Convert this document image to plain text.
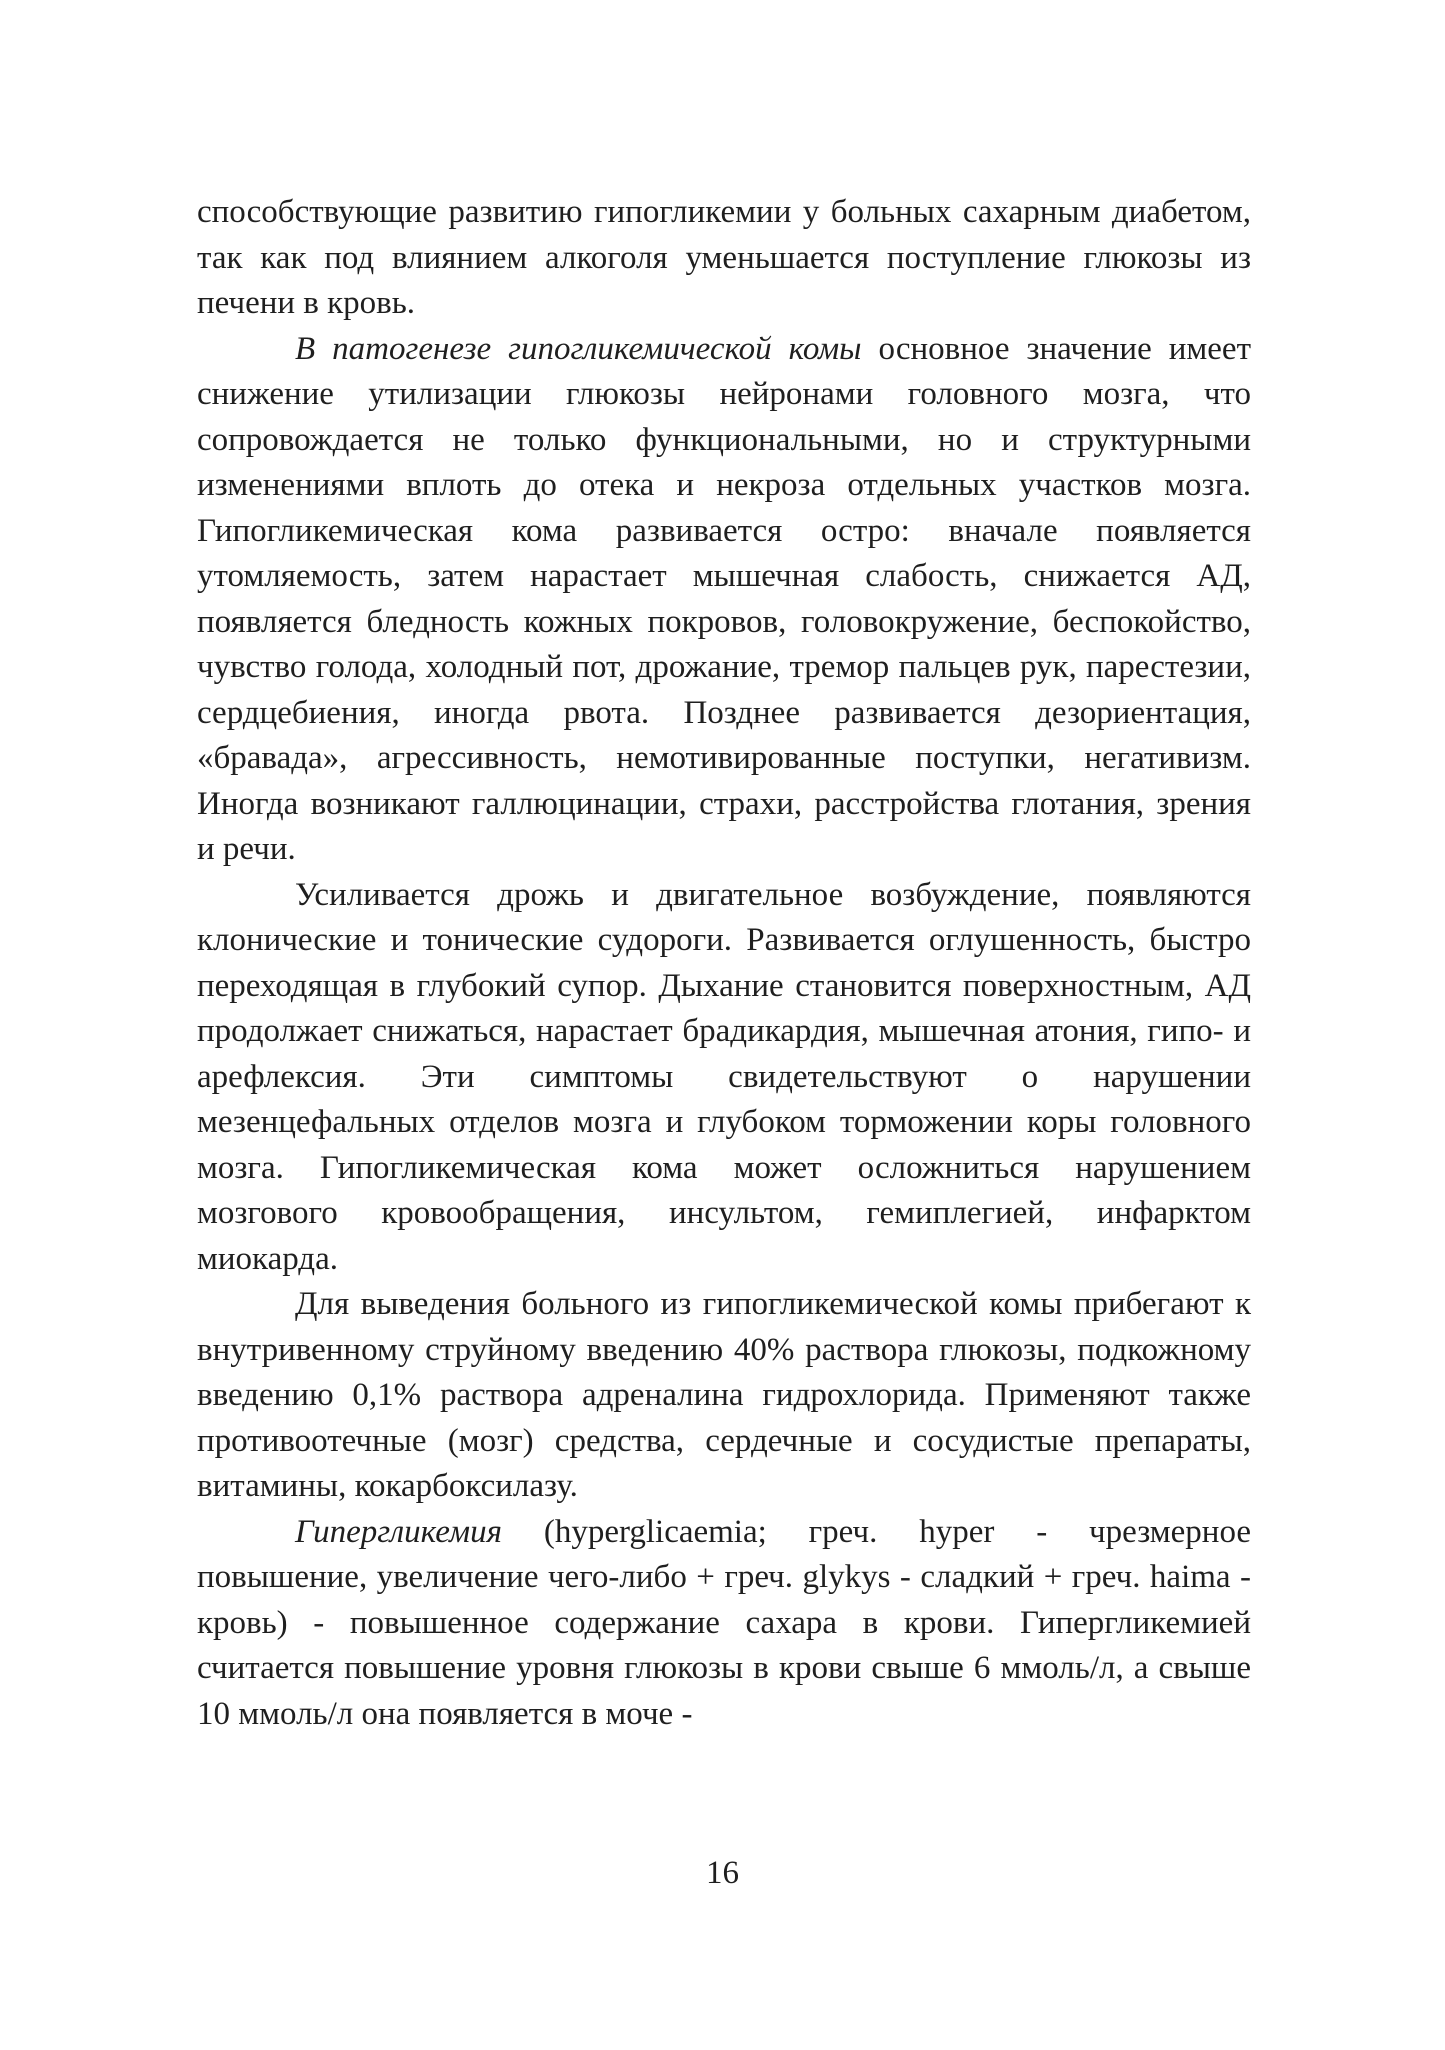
способствующие развитию гипогликемии у больных сахарным диабетом, так как под влиянием алкоголя уменьшается поступление глюкозы из печени в кровь.

В патогенезе гипогликемической комы основное значение имеет снижение утилизации глюкозы нейронами головного мозга, что сопровождается не только функциональными, но и структурными изменениями вплоть до отека и некроза отдельных участков мозга. Гипогликемическая кома развивается остро: вначале появляется утомляемость, затем нарастает мышечная слабость, снижается АД, появляется бледность кожных покровов, головокружение, беспокойство, чувство голода, холодный пот, дрожание, тремор пальцев рук, парестезии, сердцебиения, иногда рвота. Позднее развивается дезориентация, «бравада», агрессивность, немотивированные поступки, негативизм. Иногда возникают галлюцинации, страхи, расстройства глотания, зрения и речи.

Усиливается дрожь и двигательное возбуждение, появляются клонические и тонические судороги. Развивается оглушенность, быстро переходящая в глубокий супор. Дыхание становится поверхностным, АД продолжает снижаться, нарастает брадикардия, мышечная атония, гипо- и арефлексия. Эти симптомы свидетельствуют о нарушении мезенцефальных отделов мозга и глубоком торможении коры головного мозга. Гипогликемическая кома может осложниться нарушением мозгового кровообращения, инсультом, гемиплегией, инфарктом миокарда.

Для выведения больного из гипогликемической комы прибегают к внутривенному струйному введению 40% раствора глюкозы, подкожному введению 0,1% раствора адреналина гидрохлорида. Применяют также противоотечные (мозг) средства, сердечные и сосудистые препараты, витамины, кокарбоксилазу.

Гипергликемия (hyperglicaemia; греч. hyper - чрезмерное повышение, увеличение чего-либо + греч. glykys - сладкий + греч. haima - кровь) - повышенное содержание сахара в крови. Гипергликемией считается повышение уровня глюкозы в крови свыше 6 ммоль/л, а свыше 10 ммоль/л она появляется в моче -

16
